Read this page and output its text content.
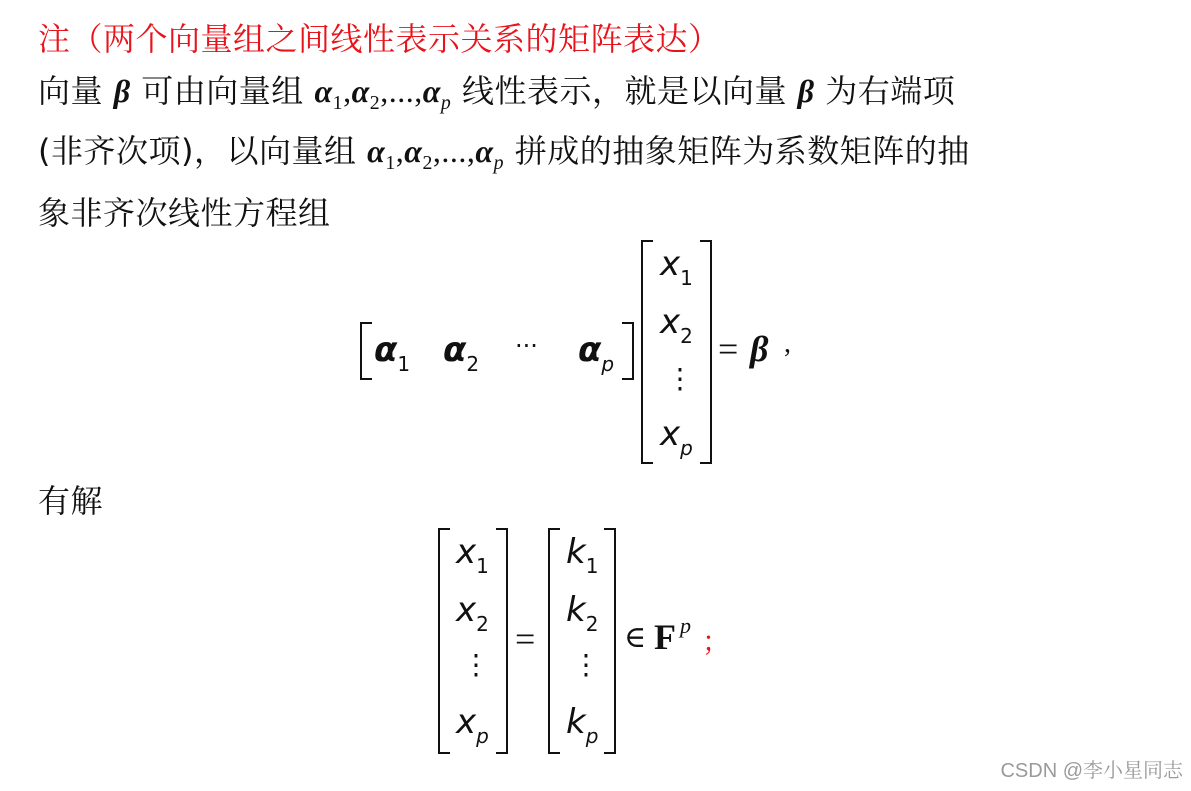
注（两个向量组之间线性表示关系的矩阵表达）
向量 β 可由向量组 $\alpha_1,\alpha_2,...,\alpha_p$ 线性表示，就是以向量 β 为右端项
(非齐次项)，以向量组 $\alpha_1,\alpha_2,...,\alpha_p$ 拼成的抽象矩阵为系数矩阵的抽
象非齐次线性方程组
$\alpha_1$ $\alpha_2$
··· $\alpha_p$
$x_1$
$x_2$
⋮
$x_p$
= β ,
有解
$x_1$
$x_2$
⋮
$x_p$
=
$k_1$
$k_2$
⋮
$k_p$
∈ F $^p$ ；
CSDN @李小星同志
